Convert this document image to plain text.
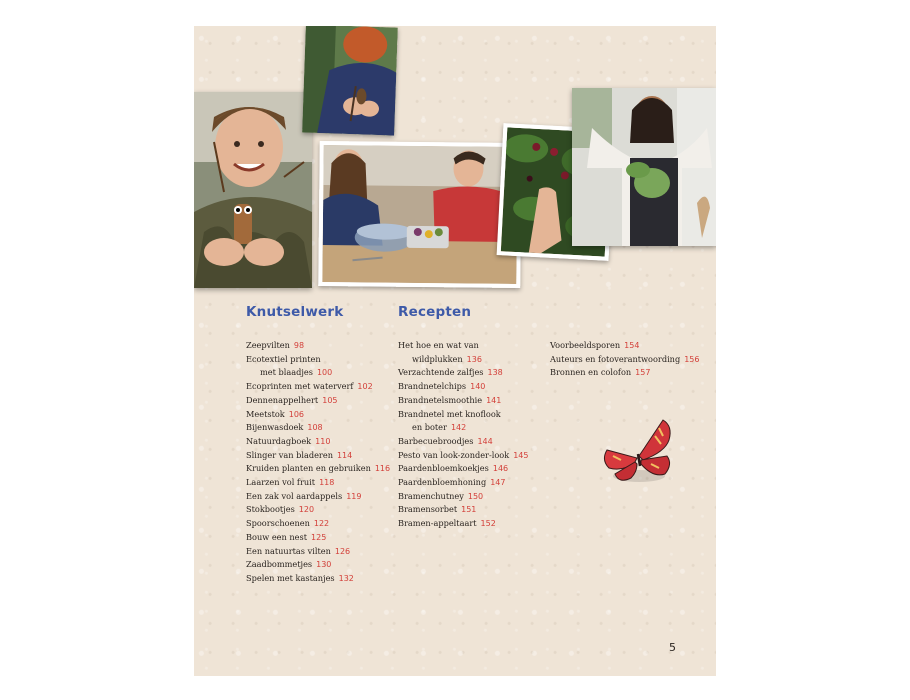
Knutselwerk	Recepten
Zeepvilten 98
Ecotextiel printen
met blaadjes 100
Ecoprinten met waterverf 102
Dennenappelhert 105
Meetstok 106
Bijenwasdoek 108
Natuurdagboek 110
Slinger van bladeren 114
Kruiden planten en gebruiken 116
Laarzen vol fruit 118
Een zak vol aardappels 119
Stokbootjes 120
Spoorschoenen 122
Bouw een nest 125
Een natuurtas vilten 126
Zaadbommetjes 130
Spelen met kastanjes 132
Het hoe en wat van
wildplukken 136
Verzachtende zalfjes 138
Brandnetelchips 140
Brandnetelsmoothie 141
Brandnetel met knoflook
en boter 142
Barbecuebroodjes 144
Pesto van look-zonder-look 145
Paardenbloemkoekjes 146
Paardenbloemhoning 147
Bramenchutney 150
Bramensorbet 151
Bramen-appeltaart 152
Voorbeeldsporen 154
Auteurs en fotoverantwoording 156
Bronnen en colofon 157
5
